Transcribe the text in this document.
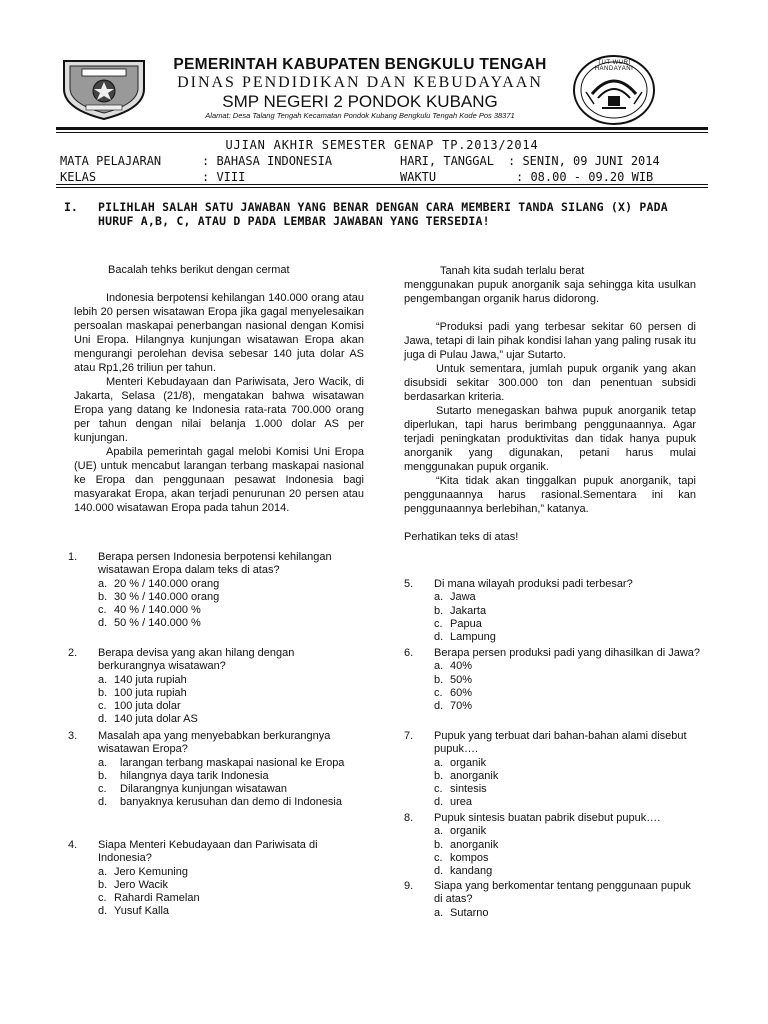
TUT WURI HANDAYANI
PEMERINTAH KABUPATEN BENGKULU TENGAH
DINAS PENDIDIKAN DAN KEBUDAYAAN
SMP NEGERI 2 PONDOK KUBANG
Alamat: Desa Talang Tengah Kecamatan Pondok Kubang Bengkulu Tengah Kode Pos 38371
UJIAN AKHIR SEMESTER GENAP TP.2013/2014
MATA PELAJARAN	: BAHASA INDONESIA	HARI, TANGGAL : SENIN, 09 JUNI 2014
KELAS	: VIII	WAKTU	: 08.00 - 09.20 WIB
I. PILIHLAH SALAH SATU JAWABAN YANG BENAR DENGAN CARA MEMBERI TANDA SILANG (X) PADA HURUF A,B, C, ATAU D PADA LEMBAR JAWABAN YANG TERSEDIA!
Bacalah tehks berikut dengan cermat

Indonesia berpotensi kehilangan 140.000 orang atau lebih 20 persen wisatawan Eropa jika gagal menyelesaikan persoalan maskapai penerbangan nasional dengan Komisi Uni Eropa. Hilangnya kunjungan wisatawan Eropa akan mengurangi perolehan devisa sebesar 140 juta dolar AS atau Rp1,26 triliun per tahun.

Menteri Kebudayaan dan Pariwisata, Jero Wacik, di Jakarta, Selasa (21/8), mengatakan bahwa wisatawan Eropa yang datang ke Indonesia rata-rata 700.000 orang per tahun dengan nilai belanja 1.000 dolar AS per kunjungan.

Apabila pemerintah gagal melobi Komisi Uni Eropa (UE) untuk mencabut larangan terbang maskapai nasional ke Eropa dan penggunaan pesawat Indonesia bagi masyarakat Eropa, akan terjadi penurunan 20 persen atau 140.000 wisatawan Eropa pada tahun 2014.

Tanah kita sudah terlalu berat

menggunakan pupuk anorganik saja sehingga kita usulkan pengembangan organik harus didorong.

“Produksi padi yang terbesar sekitar 60 persen di Jawa, tetapi di lain pihak kondisi lahan yang paling rusak itu juga di Pulau Jawa,” ujar Sutarto.

Untuk sementara, jumlah pupuk organik yang akan disubsidi sekitar 300.000 ton dan penentuan subsidi berdasarkan kriteria.

Sutarto menegaskan bahwa pupuk anorganik tetap diperlukan, tapi harus berimbang penggunaannya. Agar terjadi peningkatan produktivitas dan tidak hanya pupuk anorganik yang digunakan, petani harus mulai menggunakan pupuk organik.

“Kita tidak akan tinggalkan pupuk anorganik, tapi penggunaannya harus rasional.Sementara ini kan penggunaannya berlebihan,” katanya.

Perhatikan teks di atas!

1.	Berapa persen Indonesia berpotensi kehilangan wisatawan Eropa dalam teks di atas?
a. 20 % / 140.000 orang
b. 30 % / 140.000 orang
c. 40 % / 140.000 %
d. 50 % / 140.000 %
2.	Berapa devisa yang akan hilang dengan berkurangnya wisatawan?
a. 140 juta rupiah
b. 100 juta rupiah
c. 100 juta dolar
d. 140 juta dolar AS
3.	Masalah apa yang menyebabkan berkurangnya wisatawan Eropa?
a.	larangan terbang maskapai nasional ke Eropa
b.	hilangnya daya tarik Indonesia
c.	Dilarangnya kunjungan wisatawan
d.	banyaknya kerusuhan dan demo di Indonesia
4.	Siapa Menteri Kebudayaan dan Pariwisata di Indonesia?
a. Jero Kemuning
b. Jero Wacik
c. Rahardi Ramelan
d. Yusuf Kalla
5.	Di mana wilayah produksi padi terbesar?
a. Jawa
b. Jakarta
c. Papua
d. Lampung
6.	Berapa persen produksi padi yang dihasilkan di Jawa?
a. 40%
b. 50%
c. 60%
d. 70%
7.	Pupuk yang terbuat dari bahan-bahan alami disebut pupuk….
a. organik
b. anorganik
c. sintesis
d. urea
8.	Pupuk sintesis buatan pabrik disebut pupuk….
a. organik
b. anorganik
c. kompos
d. kandang
9.	Siapa yang berkomentar tentang penggunaan pupuk di atas?
a. Sutarno
